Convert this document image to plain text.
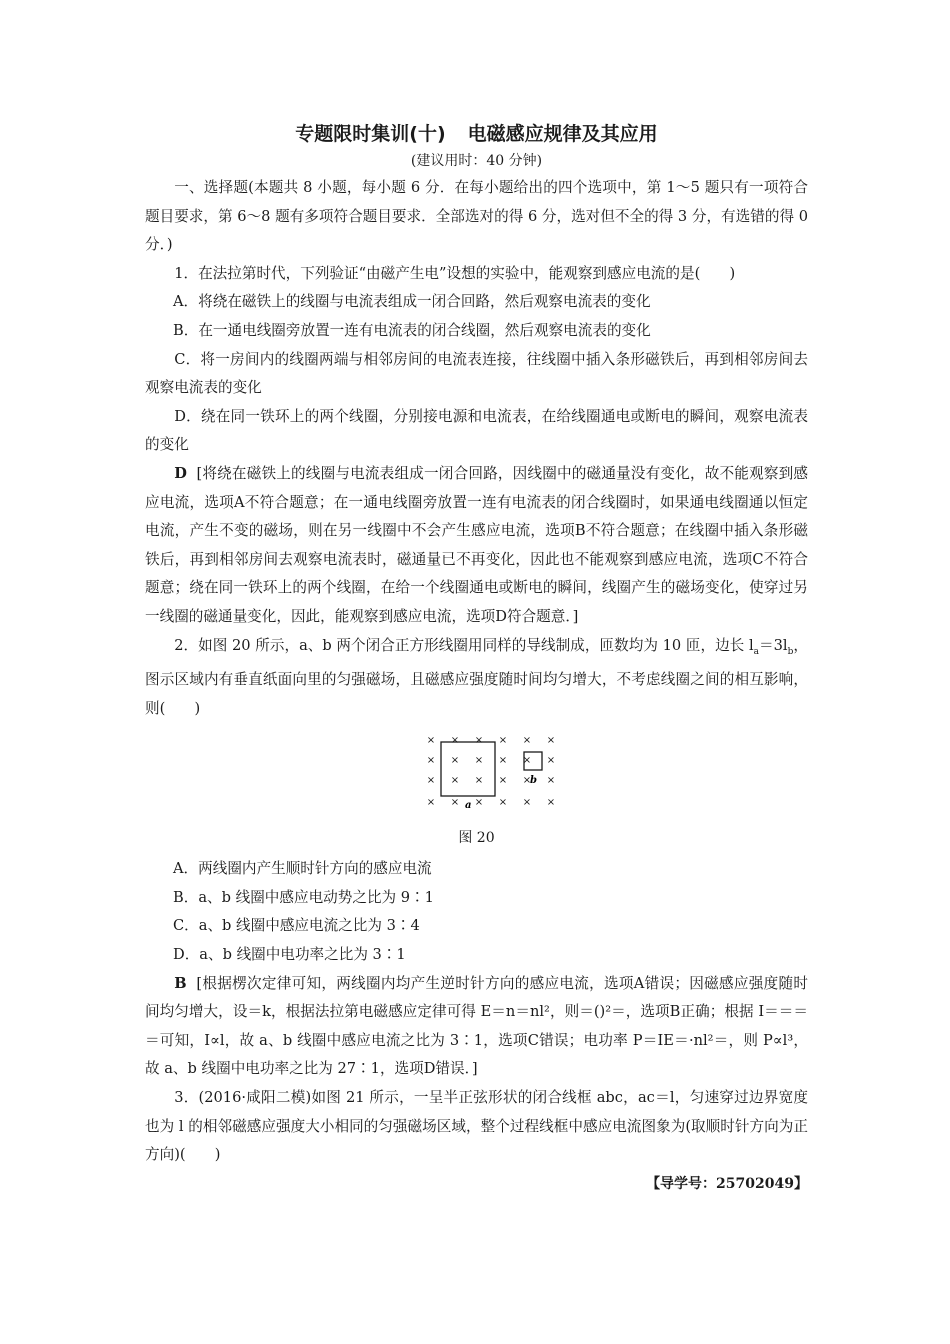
专题限时集训(十) 电磁感应规律及其应用

(建议用时：40 分钟)

一、选择题(本题共 8 小题，每小题 6 分．在每小题给出的四个选项中，第 1～5 题只有一项符合题目要求，第 6～8 题有多项符合题目要求．全部选对的得 6 分，选对但不全的得 3 分，有选错的得 0 分．)

1．在法拉第时代，下列验证“由磁产生电”设想的实验中，能观察到感应电流的是(　　)

A．将绕在磁铁上的线圈与电流表组成一闭合回路，然后观察电流表的变化

B．在一通电线圈旁放置一连有电流表的闭合线圈，然后观察电流表的变化

C．将一房间内的线圈两端与相邻房间的电流表连接，往线圈中插入条形磁铁后，再到相邻房间去观察电流表的变化

D．绕在同一铁环上的两个线圈，分别接电源和电流表，在给线圈通电或断电的瞬间，观察电流表的变化

D [将绕在磁铁上的线圈与电流表组成一闭合回路，因线圈中的磁通量没有变化，故不能观察到感应电流，选项A不符合题意；在一通电线圈旁放置一连有电流表的闭合线圈时，如果通电线圈通以恒定电流，产生不变的磁场，则在另一线圈中不会产生感应电流，选项B不符合题意；在线圈中插入条形磁铁后，再到相邻房间去观察电流表时，磁通量已不再变化，因此也不能观察到感应电流，选项C不符合题意；绕在同一铁环上的两个线圈，在给一个线圈通电或断电的瞬间，线圈产生的磁场变化，使穿过另一线圈的磁通量变化，因此，能观察到感应电流，选项D符合题意．]

2．如图 20 所示，a、b 两个闭合正方形线圈用同样的导线制成，匝数均为 10 匝，边长 $l_a=3l_b$，图示区域内有垂直纸面向里的匀强磁场，且磁感应强度随时间均匀增大，不考虑线圈之间的相互影响，则(　　)

× × × × × ×
× × × × × ×
× × × × × ×
× × × × × ×
a
b

图 20

A．两线圈内产生顺时针方向的感应电流

B．a、b 线圈中感应电动势之比为 9∶1

C．a、b 线圈中感应电流之比为 3∶4

D．a、b 线圈中电功率之比为 3∶1

B [根据楞次定律可知，两线圈内均产生逆时针方向的感应电流，选项A错误；因磁感应强度随时间均匀增大，设＝k，根据法拉第电磁感应定律可得 E＝n＝nl²，则＝()²＝，选项B正确；根据 I＝＝＝＝可知，I∝l，故 a、b 线圈中感应电流之比为 3∶1，选项C错误；电功率 P＝IE＝·nl²＝，则 P∝l³，故 a、b 线圈中电功率之比为 27∶1，选项D错误．]

3．(2016·咸阳二模)如图 21 所示，一呈半正弦形状的闭合线框 abc，ac＝l，匀速穿过边界宽度也为 l 的相邻磁感应强度大小相同的匀强磁场区域，整个过程线框中感应电流图象为(取顺时针方向为正方向)(　　)

【导学号：25702049】
